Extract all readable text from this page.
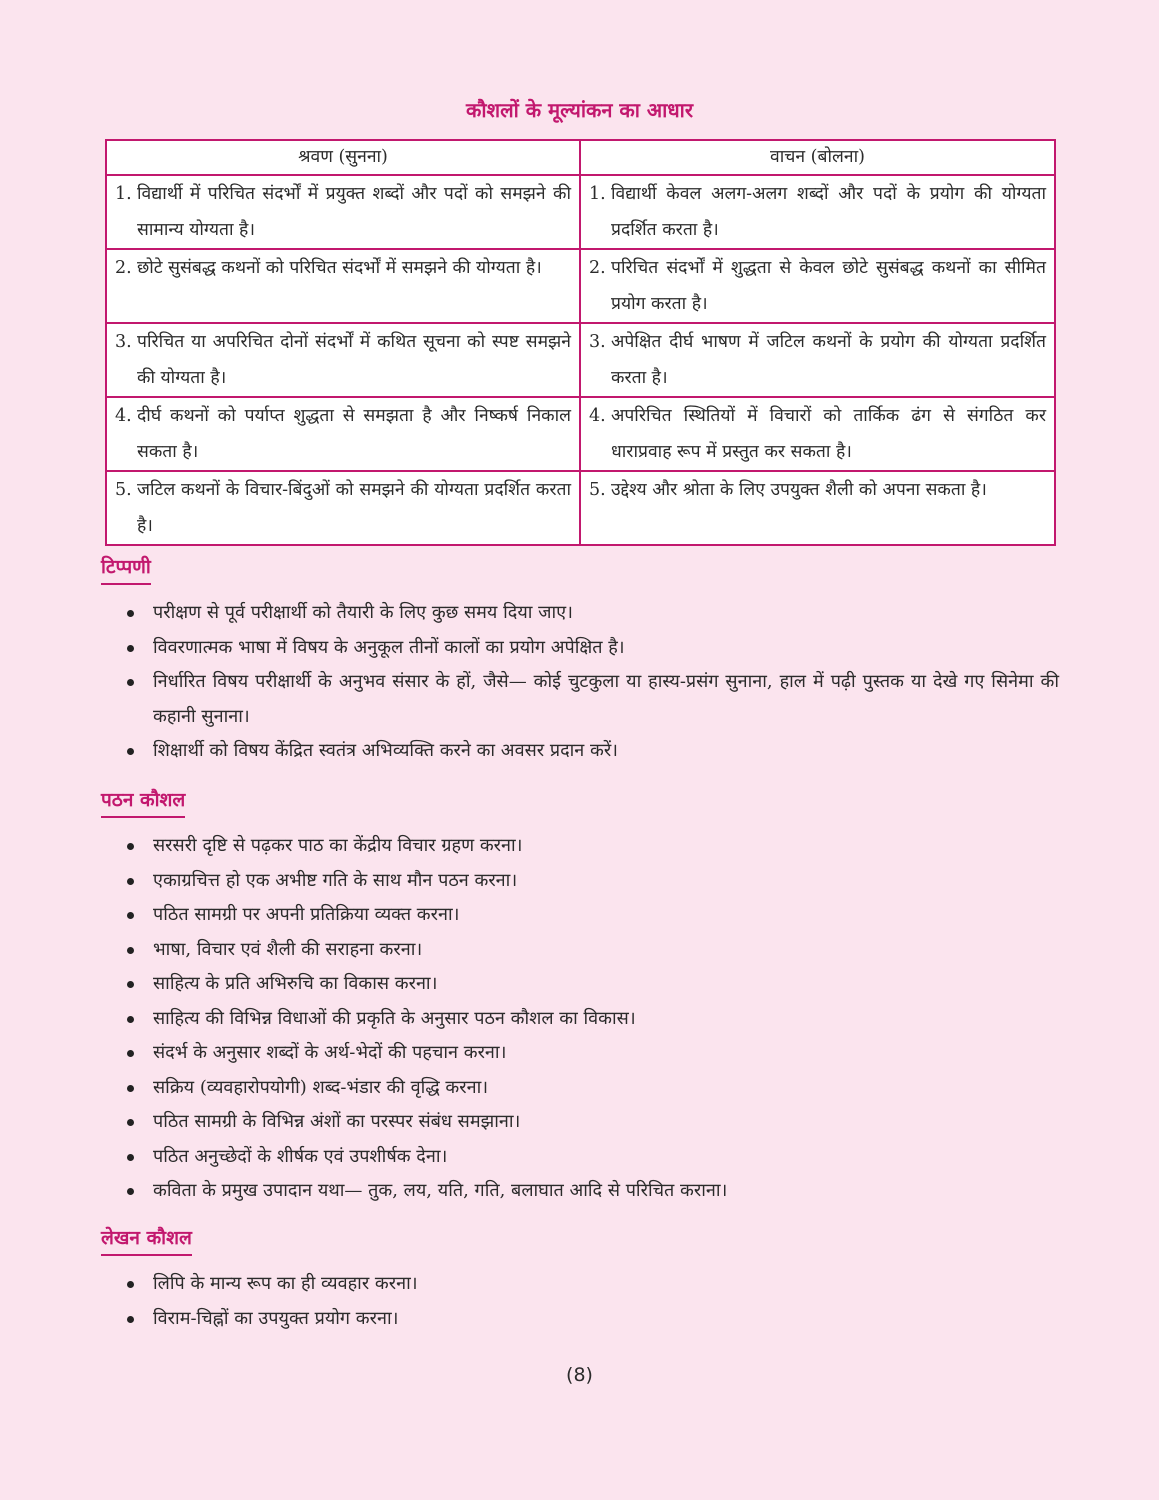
कौशलों के मूल्यांकन का आधार
श्रवण (सुनना)	वाचन (बोलना)

1. विद्यार्थी में परिचित संदर्भों में प्रयुक्त शब्दों और पदों को समझने की सामान्य योग्यता है।	1. विद्यार्थी केवल अलग-अलग शब्दों और पदों के प्रयोग की योग्यता प्रदर्शित करता है।

2. छोटे सुसंबद्ध कथनों को परिचित संदर्भों में समझने की योग्यता है।	2. परिचित संदर्भों में शुद्धता से केवल छोटे सुसंबद्ध कथनों का सीमित प्रयोग करता है।

3. परिचित या अपरिचित दोनों संदर्भों में कथित सूचना को स्पष्ट समझने की योग्यता है।	3. अपेक्षित दीर्घ भाषण में जटिल कथनों के प्रयोग की योग्यता प्रदर्शित करता है।

4. दीर्घ कथनों को पर्याप्त शुद्धता से समझता है और निष्कर्ष निकाल सकता है।	4. अपरिचित स्थितियों में विचारों को तार्किक ढंग से संगठित कर धाराप्रवाह रूप में प्रस्तुत कर सकता है।

5. जटिल कथनों के विचार-बिंदुओं को समझने की योग्यता प्रदर्शित करता है।	5. उद्देश्य और श्रोता के लिए उपयुक्त शैली को अपना सकता है।
टिप्पणी
परीक्षण से पूर्व परीक्षार्थी को तैयारी के लिए कुछ समय दिया जाए।
विवरणात्मक भाषा में विषय के अनुकूल तीनों कालों का प्रयोग अपेक्षित है।
निर्धारित विषय परीक्षार्थी के अनुभव संसार के हों, जैसे— कोई चुटकुला या हास्य-प्रसंग सुनाना, हाल में पढ़ी पुस्तक या देखे गए सिनेमा की कहानी सुनाना।
शिक्षार्थी को विषय केंद्रित स्वतंत्र अभिव्यक्ति करने का अवसर प्रदान करें।
पठन कौशल
सरसरी दृष्टि से पढ़कर पाठ का केंद्रीय विचार ग्रहण करना।
एकाग्रचित्त हो एक अभीष्ट गति के साथ मौन पठन करना।
पठित सामग्री पर अपनी प्रतिक्रिया व्यक्त करना।
भाषा, विचार एवं शैली की सराहना करना।
साहित्य के प्रति अभिरुचि का विकास करना।
साहित्य की विभिन्न विधाओं की प्रकृति के अनुसार पठन कौशल का विकास।
संदर्भ के अनुसार शब्दों के अर्थ-भेदों की पहचान करना।
सक्रिय (व्यवहारोपयोगी) शब्द-भंडार की वृद्धि करना।
पठित सामग्री के विभिन्न अंशों का परस्पर संबंध समझाना।
पठित अनुच्छेदों के शीर्षक एवं उपशीर्षक देना।
कविता के प्रमुख उपादान यथा— तुक, लय, यति, गति, बलाघात आदि से परिचित कराना।
लेखन कौशल
लिपि के मान्य रूप का ही व्यवहार करना।
विराम-चिह्नों का उपयुक्त प्रयोग करना।
(8)
